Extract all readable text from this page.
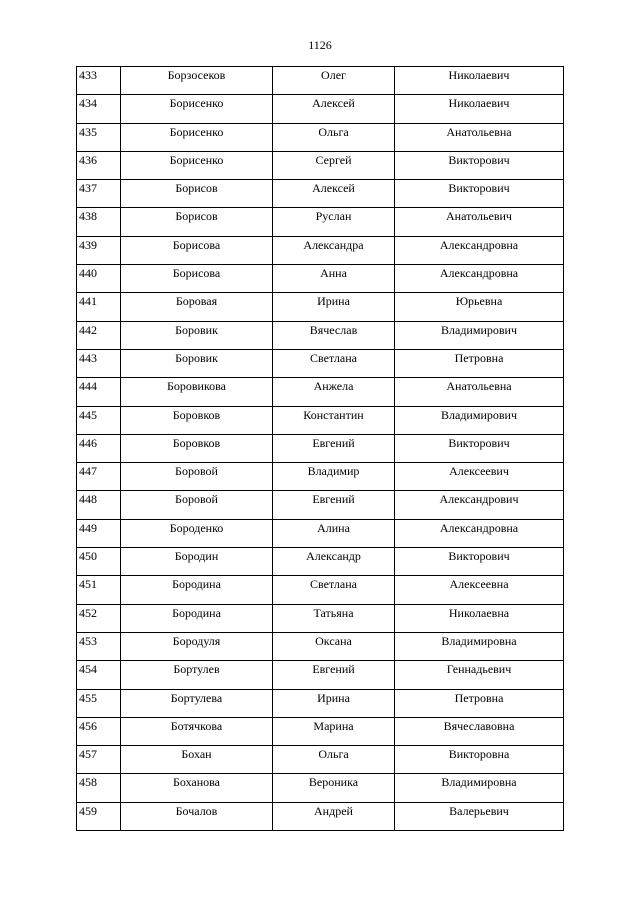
1126
433	Борзосеков	Олег	Николаевич

434	Борисенко	Алексей	Николаевич

435	Борисенко	Ольга	Анатольевна

436	Борисенко	Сергей	Викторович

437	Борисов	Алексей	Викторович

438	Борисов	Руслан	Анатольевич

439	Борисова	Александра	Александровна

440	Борисова	Анна	Александровна

441	Боровая	Ирина	Юрьевна

442	Боровик	Вячеслав	Владимирович

443	Боровик	Светлана	Петровна

444	Боровикова	Анжела	Анатольевна

445	Боровков	Константин	Владимирович

446	Боровков	Евгений	Викторович

447	Боровой	Владимир	Алексеевич

448	Боровой	Евгений	Александрович

449	Бороденко	Алина	Александровна

450	Бородин	Александр	Викторович

451	Бородина	Светлана	Алексеевна

452	Бородина	Татьяна	Николаевна

453	Бородуля	Оксана	Владимировна

454	Бортулев	Евгений	Геннадьевич

455	Бортулева	Ирина	Петровна

456	Ботячкова	Марина	Вячеславовна

457	Бохан	Ольга	Викторовна

458	Боханова	Вероника	Владимировна

459	Бочалов	Андрей	Валерьевич
